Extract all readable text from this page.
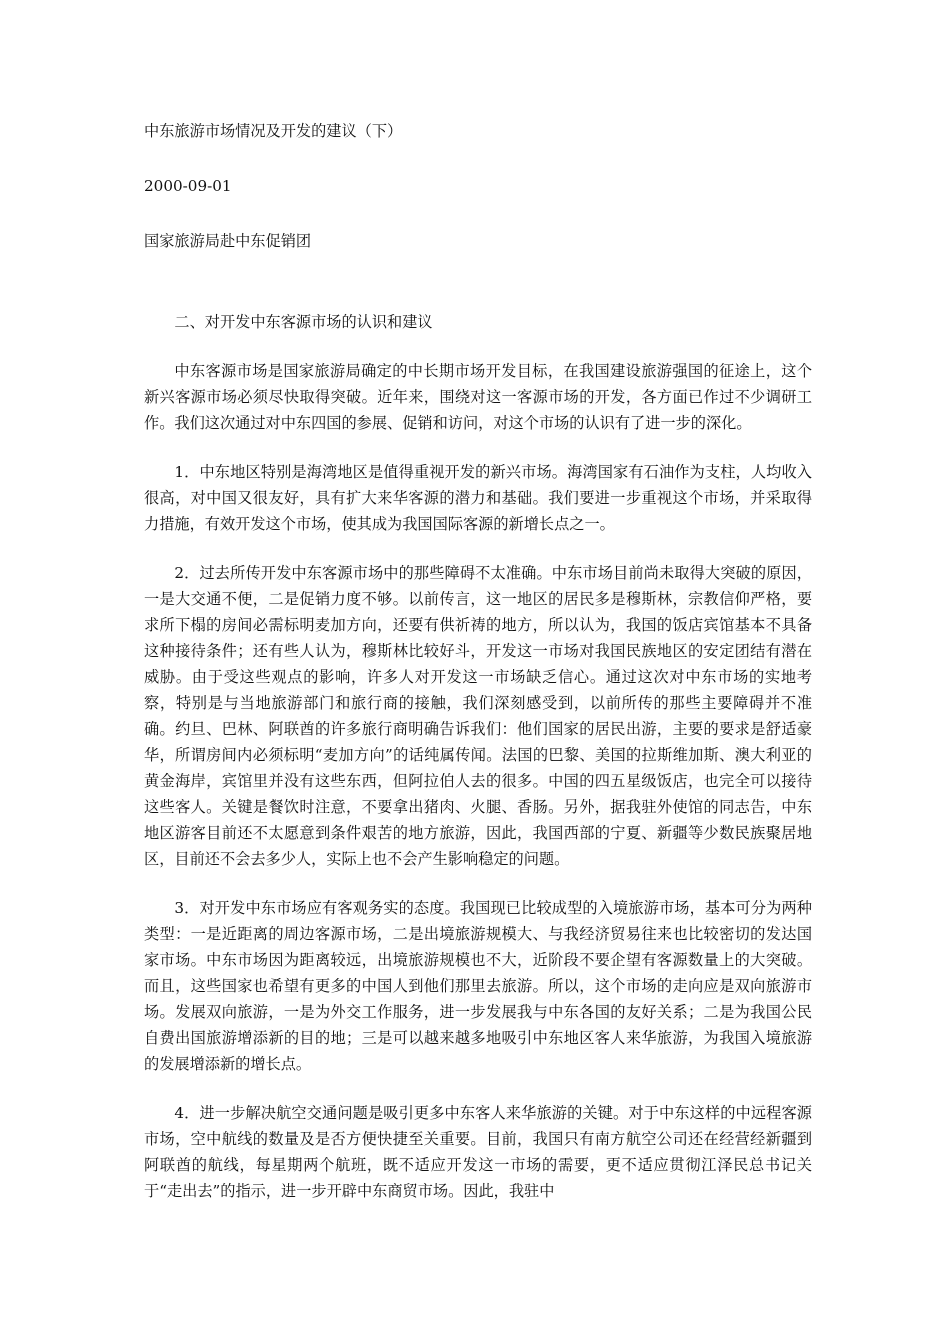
中东旅游市场情况及开发的建议（下）

2000-09-01

国家旅游局赴中东促销团

二、对开发中东客源市场的认识和建议

中东客源市场是国家旅游局确定的中长期市场开发目标，在我国建设旅游强国的征途上，这个新兴客源市场必须尽快取得突破。近年来，围绕对这一客源市场的开发，各方面已作过不少调研工作。我们这次通过对中东四国的参展、促销和访问，对这个市场的认识有了进一步的深化。

1．中东地区特别是海湾地区是值得重视开发的新兴市场。海湾国家有石油作为支柱，人均收入很高，对中国又很友好，具有扩大来华客源的潜力和基础。我们要进一步重视这个市场，并采取得力措施，有效开发这个市场，使其成为我国国际客源的新增长点之一。

2．过去所传开发中东客源市场中的那些障碍不太准确。中东市场目前尚未取得大突破的原因，一是大交通不便，二是促销力度不够。以前传言，这一地区的居民多是穆斯林，宗教信仰严格，要求所下榻的房间必需标明麦加方向，还要有供祈祷的地方，所以认为，我国的饭店宾馆基本不具备这种接待条件；还有些人认为，穆斯林比较好斗，开发这一市场对我国民族地区的安定团结有潜在威胁。由于受这些观点的影响，许多人对开发这一市场缺乏信心。通过这次对中东市场的实地考察，特别是与当地旅游部门和旅行商的接触，我们深刻感受到，以前所传的那些主要障碍并不准确。约旦、巴林、阿联酋的许多旅行商明确告诉我们：他们国家的居民出游，主要的要求是舒适豪华，所谓房间内必须标明“麦加方向”的话纯属传闻。法国的巴黎、美国的拉斯维加斯、澳大利亚的黄金海岸，宾馆里并没有这些东西，但阿拉伯人去的很多。中国的四五星级饭店，也完全可以接待这些客人。关键是餐饮时注意，不要拿出猪肉、火腿、香肠。另外，据我驻外使馆的同志告，中东地区游客目前还不太愿意到条件艰苦的地方旅游，因此，我国西部的宁夏、新疆等少数民族聚居地区，目前还不会去多少人，实际上也不会产生影响稳定的问题。

3．对开发中东市场应有客观务实的态度。我国现已比较成型的入境旅游市场，基本可分为两种类型：一是近距离的周边客源市场，二是出境旅游规模大、与我经济贸易往来也比较密切的发达国家市场。中东市场因为距离较远，出境旅游规模也不大，近阶段不要企望有客源数量上的大突破。而且，这些国家也希望有更多的中国人到他们那里去旅游。所以，这个市场的走向应是双向旅游市场。发展双向旅游，一是为外交工作服务，进一步发展我与中东各国的友好关系；二是为我国公民自费出国旅游增添新的目的地；三是可以越来越多地吸引中东地区客人来华旅游，为我国入境旅游的发展增添新的增长点。

4．进一步解决航空交通问题是吸引更多中东客人来华旅游的关键。对于中东这样的中远程客源市场，空中航线的数量及是否方便快捷至关重要。目前，我国只有南方航空公司还在经营经新疆到阿联酋的航线，每星期两个航班，既不适应开发这一市场的需要，更不适应贯彻江泽民总书记关于“走出去”的指示，进一步开辟中东商贸市场。因此，我驻中
